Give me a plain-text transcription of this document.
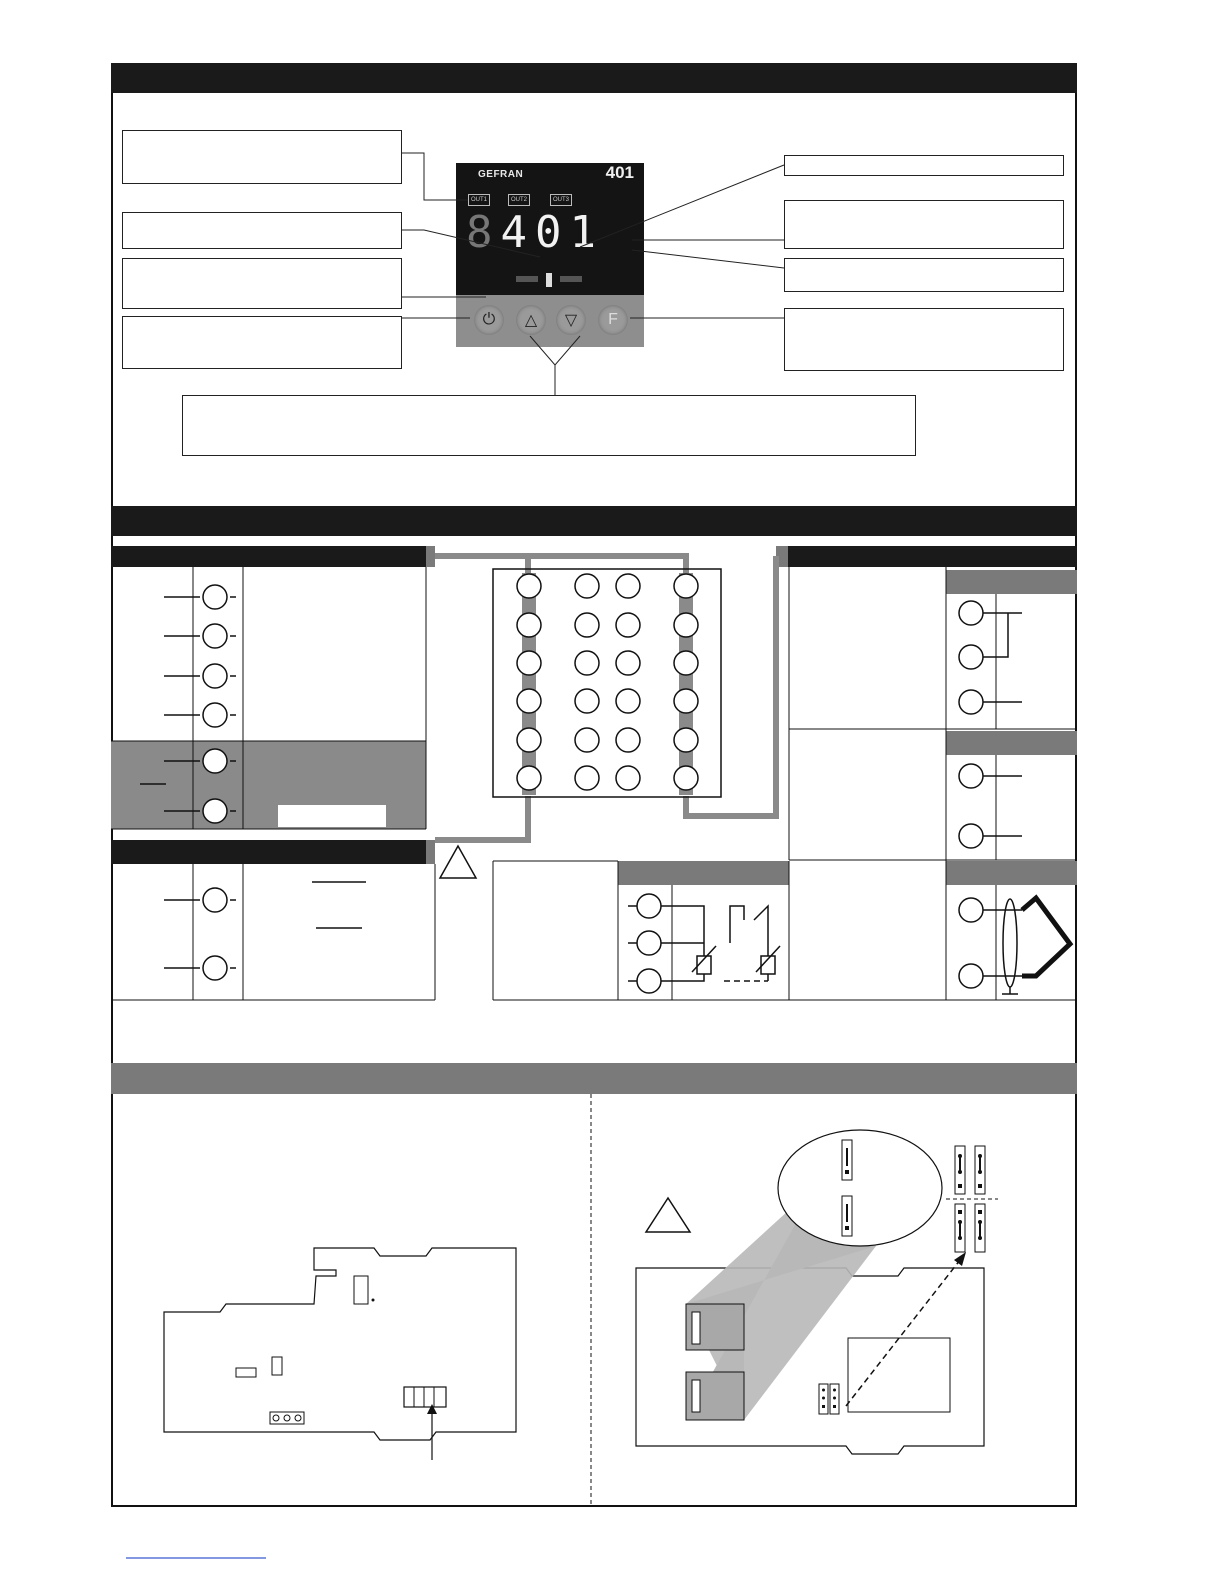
GEFRAN	401
OUT1	OUT2	OUT3
8401
⏻	△	▽	F
